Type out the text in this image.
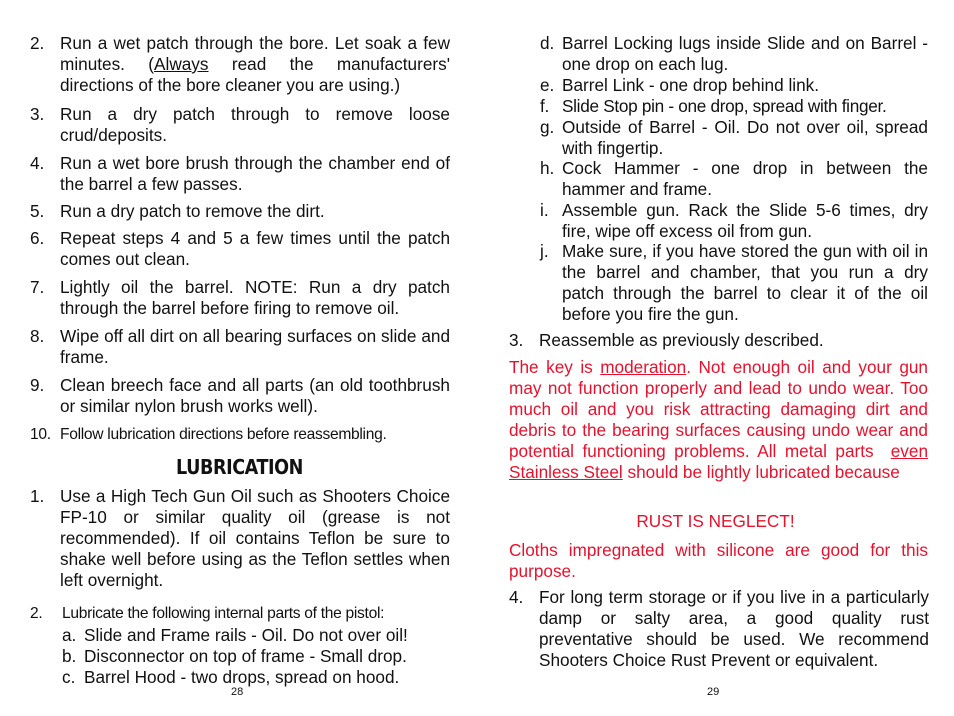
2. Run a wet patch through the bore. Let soak a few minutes. (Always read the manufacturers' directions of the bore cleaner you are using.)
3. Run a dry patch through to remove loose crud/deposits.
4. Run a wet bore brush through the chamber end of the barrel a few passes.
5. Run a dry patch to remove the dirt.
6. Repeat steps 4 and 5 a few times until the patch comes out clean.
7. Lightly oil the barrel. NOTE: Run a dry patch through the barrel before firing to remove oil.
8. Wipe off all dirt on all bearing surfaces on slide and frame.
9. Clean breech face and all parts (an old toothbrush or similar nylon brush works well).
10. Follow lubrication directions before reassembling.
LUBRICATION
1. Use a High Tech Gun Oil such as Shooters Choice FP-10 or similar quality oil (grease is not recommended). If oil contains Teflon be sure to shake well before using as the Teflon settles when left overnight.
2. Lubricate the following internal parts of the pistol:
a. Slide and Frame rails - Oil. Do not over oil!
b. Disconnector on top of frame - Small drop.
c. Barrel Hood - two drops, spread on hood.
28
d. Barrel Locking lugs inside Slide and on Barrel - one drop on each lug.
e. Barrel Link - one drop behind link.
f. Slide Stop pin - one drop, spread with finger.
g. Outside of Barrel - Oil. Do not over oil, spread with fingertip.
h. Cock Hammer - one drop in between the hammer and frame.
i. Assemble gun. Rack the Slide 5-6 times, dry fire, wipe off excess oil from gun.
j. Make sure, if you have stored the gun with oil in the barrel and chamber, that you run a dry patch through the barrel to clear it of the oil before you fire the gun.
3. Reassemble as previously described.
The key is moderation. Not enough oil and your gun may not function properly and lead to undo wear. Too much oil and you risk attracting damaging dirt and debris to the bearing surfaces causing undo wear and potential functioning problems. All metal parts  even Stainless Steel should be lightly lubricated because
RUST IS NEGLECT!
Cloths impregnated with silicone are good for this purpose.
4. For long term storage or if you live in a particularly damp or salty area, a good quality rust preventative should be used. We recommend Shooters Choice Rust Prevent or equivalent.
29
